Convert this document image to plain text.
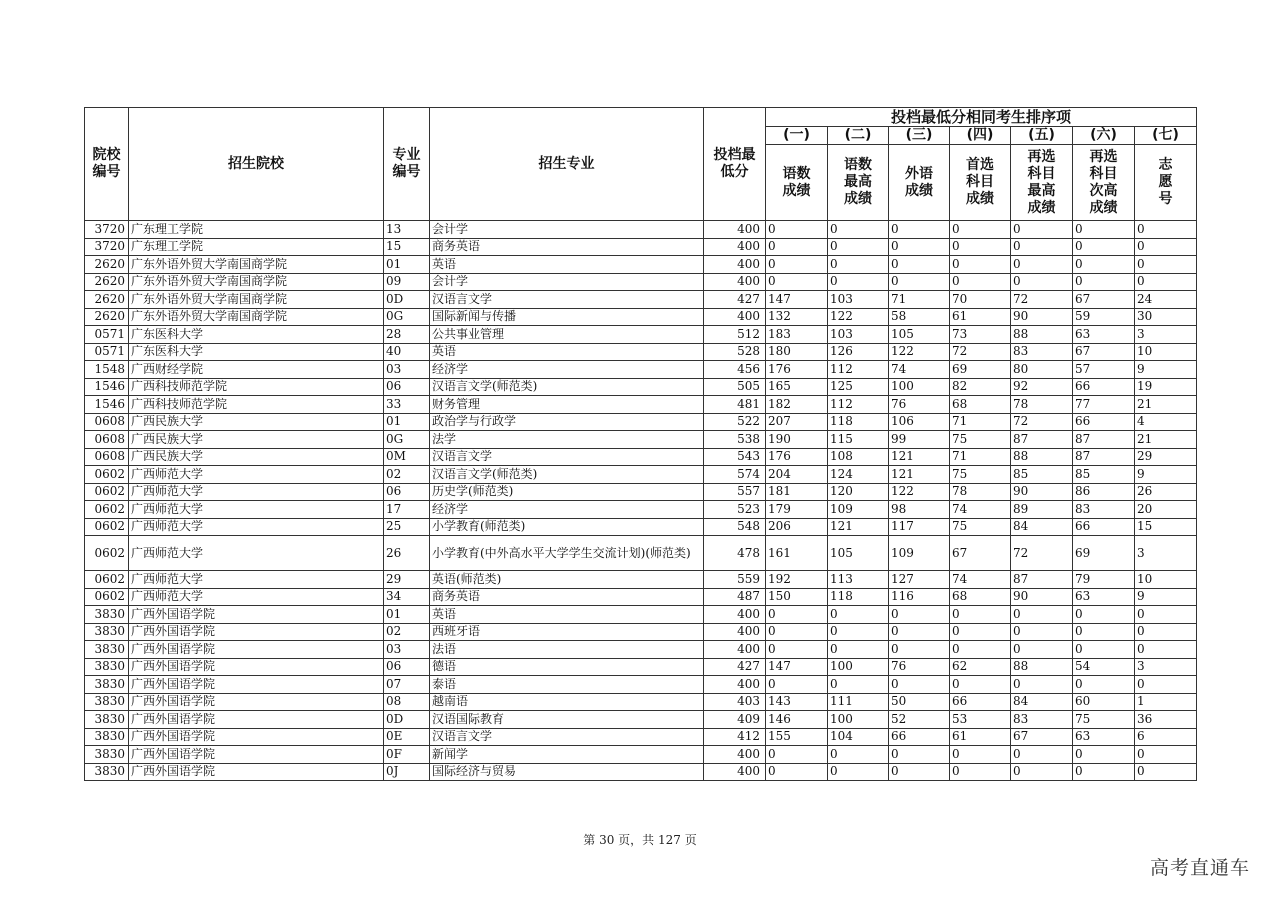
院校编号	招生院校	专业编号	招生专业	投档最低分	投档最低分相同考生排序项						
					(一)	(二)	(三)	(四)	(五)	(六)	(七)
					语数成绩	语数最高成绩	外语成绩	首选科目成绩	再选科目最高成绩	再选科目次高成绩	志愿号
3720	广东理工学院	13	会计学	400	0	0	0	0	0	0	0
3720	广东理工学院	15	商务英语	400	0	0	0	0	0	0	0
2620	广东外语外贸大学南国商学院	01	英语	400	0	0	0	0	0	0	0
2620	广东外语外贸大学南国商学院	09	会计学	400	0	0	0	0	0	0	0
2620	广东外语外贸大学南国商学院	0D	汉语言文学	427	147	103	71	70	72	67	24
2620	广东外语外贸大学南国商学院	0G	国际新闻与传播	400	132	122	58	61	90	59	30
0571	广东医科大学	28	公共事业管理	512	183	103	105	73	88	63	3
0571	广东医科大学	40	英语	528	180	126	122	72	83	67	10
1548	广西财经学院	03	经济学	456	176	112	74	69	80	57	9
1546	广西科技师范学院	06	汉语言文学(师范类)	505	165	125	100	82	92	66	19
1546	广西科技师范学院	33	财务管理	481	182	112	76	68	78	77	21
0608	广西民族大学	01	政治学与行政学	522	207	118	106	71	72	66	4
0608	广西民族大学	0G	法学	538	190	115	99	75	87	87	21
0608	广西民族大学	0M	汉语言文学	543	176	108	121	71	88	87	29
0602	广西师范大学	02	汉语言文学(师范类)	574	204	124	121	75	85	85	9
0602	广西师范大学	06	历史学(师范类)	557	181	120	122	78	90	86	26
0602	广西师范大学	17	经济学	523	179	109	98	74	89	83	20
0602	广西师范大学	25	小学教育(师范类)	548	206	121	117	75	84	66	15
0602	广西师范大学	26	小学教育(中外高水平大学学生交流计划)(师范类)	478	161	105	109	67	72	69	3
0602	广西师范大学	29	英语(师范类)	559	192	113	127	74	87	79	10
0602	广西师范大学	34	商务英语	487	150	118	116	68	90	63	9
3830	广西外国语学院	01	英语	400	0	0	0	0	0	0	0
3830	广西外国语学院	02	西班牙语	400	0	0	0	0	0	0	0
3830	广西外国语学院	03	法语	400	0	0	0	0	0	0	0
3830	广西外国语学院	06	德语	427	147	100	76	62	88	54	3
3830	广西外国语学院	07	泰语	400	0	0	0	0	0	0	0
3830	广西外国语学院	08	越南语	403	143	111	50	66	84	60	1
3830	广西外国语学院	0D	汉语国际教育	409	146	100	52	53	83	75	36
3830	广西外国语学院	0E	汉语言文学	412	155	104	66	61	67	63	6
3830	广西外国语学院	0F	新闻学	400	0	0	0	0	0	0	0
3830	广西外国语学院	0J	国际经济与贸易	400	0	0	0	0	0	0	0
第 30 页，共 127 页
高考直通车
